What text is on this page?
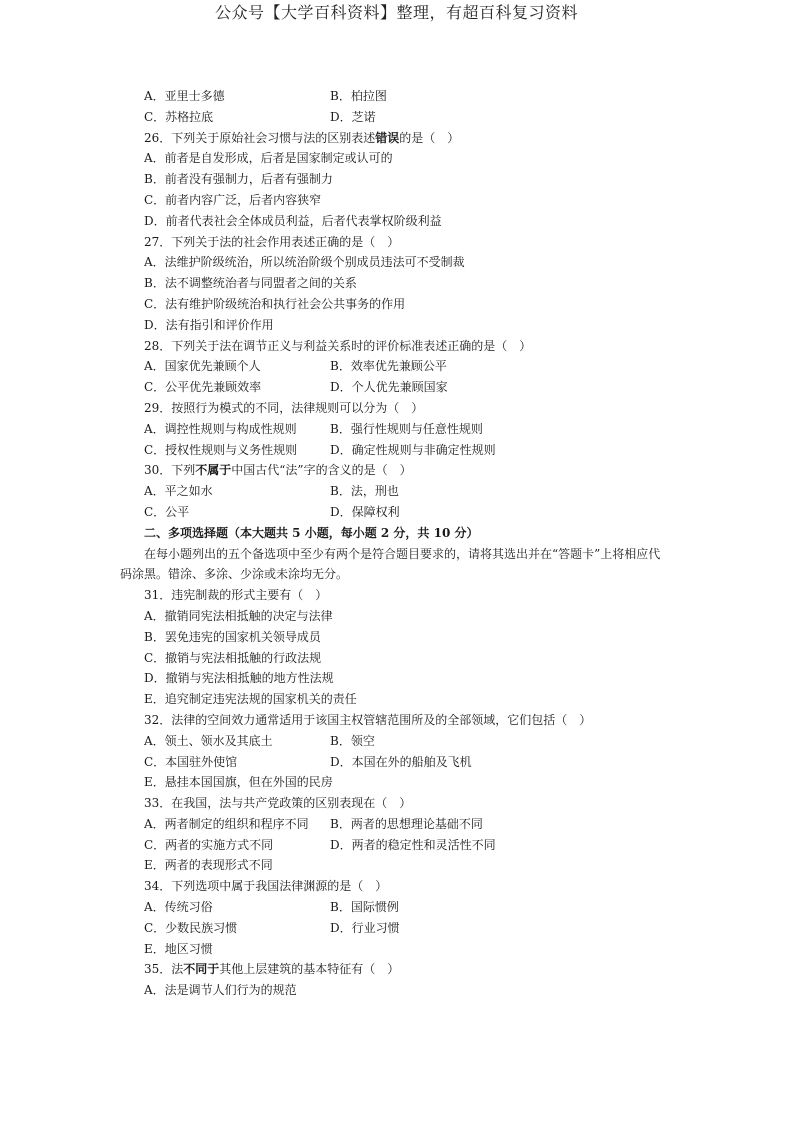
公众号【大学百科资料】整理，有超百科复习资料
A．亚里士多德	B．柏拉图
C．苏格拉底	D．芝诺
26．下列关于原始社会习惯与法的区别表述错误的是（　）
A．前者是自发形成，后者是国家制定或认可的
B．前者没有强制力，后者有强制力
C．前者内容广泛，后者内容狭窄
D．前者代表社会全体成员利益，后者代表掌权阶级利益
27．下列关于法的社会作用表述正确的是（　）
A．法维护阶级统治，所以统治阶级个别成员违法可不受制裁
B．法不调整统治者与同盟者之间的关系
C．法有维护阶级统治和执行社会公共事务的作用
D．法有指引和评价作用
28．下列关于法在调节正义与利益关系时的评价标准表述正确的是（　）
A．国家优先兼顾个人	B．效率优先兼顾公平
C．公平优先兼顾效率	D．个人优先兼顾国家
29．按照行为模式的不同，法律规则可以分为（　）
A．调控性规则与构成性规则	B．强行性规则与任意性规则
C．授权性规则与义务性规则	D．确定性规则与非确定性规则
30．下列不属于中国古代“法”字的含义的是（　）
A．平之如水	B．法，刑也
C．公平	D．保障权利
二、多项选择题（本大题共 5 小题，每小题 2 分，共 10 分）
在每小题列出的五个备选项中至少有两个是符合题目要求的，请将其选出并在“答题卡”上将相应代
码涂黑。错涂、多涂、少涂或未涂均无分。
31．违宪制裁的形式主要有（　）
A．撤销同宪法相抵触的决定与法律
B．罢免违宪的国家机关领导成员
C．撤销与宪法相抵触的行政法规
D．撤销与宪法相抵触的地方性法规
E．追究制定违宪法规的国家机关的责任
32．法律的空间效力通常适用于该国主权管辖范围所及的全部领域，它们包括（　）
A．领土、领水及其底土	B．领空
C．本国驻外使馆	D．本国在外的船舶及飞机
E．悬挂本国国旗，但在外国的民房
33．在我国，法与共产党政策的区别表现在（　）
A．两者制定的组织和程序不同 B．两者的思想理论基础不同
C．两者的实施方式不同	D．两者的稳定性和灵活性不同
E．两者的表现形式不同
34．下列选项中属于我国法律渊源的是（　）
A．传统习俗	B．国际惯例
C．少数民族习惯	D．行业习惯
E．地区习惯
35．法不同于其他上层建筑的基本特征有（　）
A．法是调节人们行为的规范
